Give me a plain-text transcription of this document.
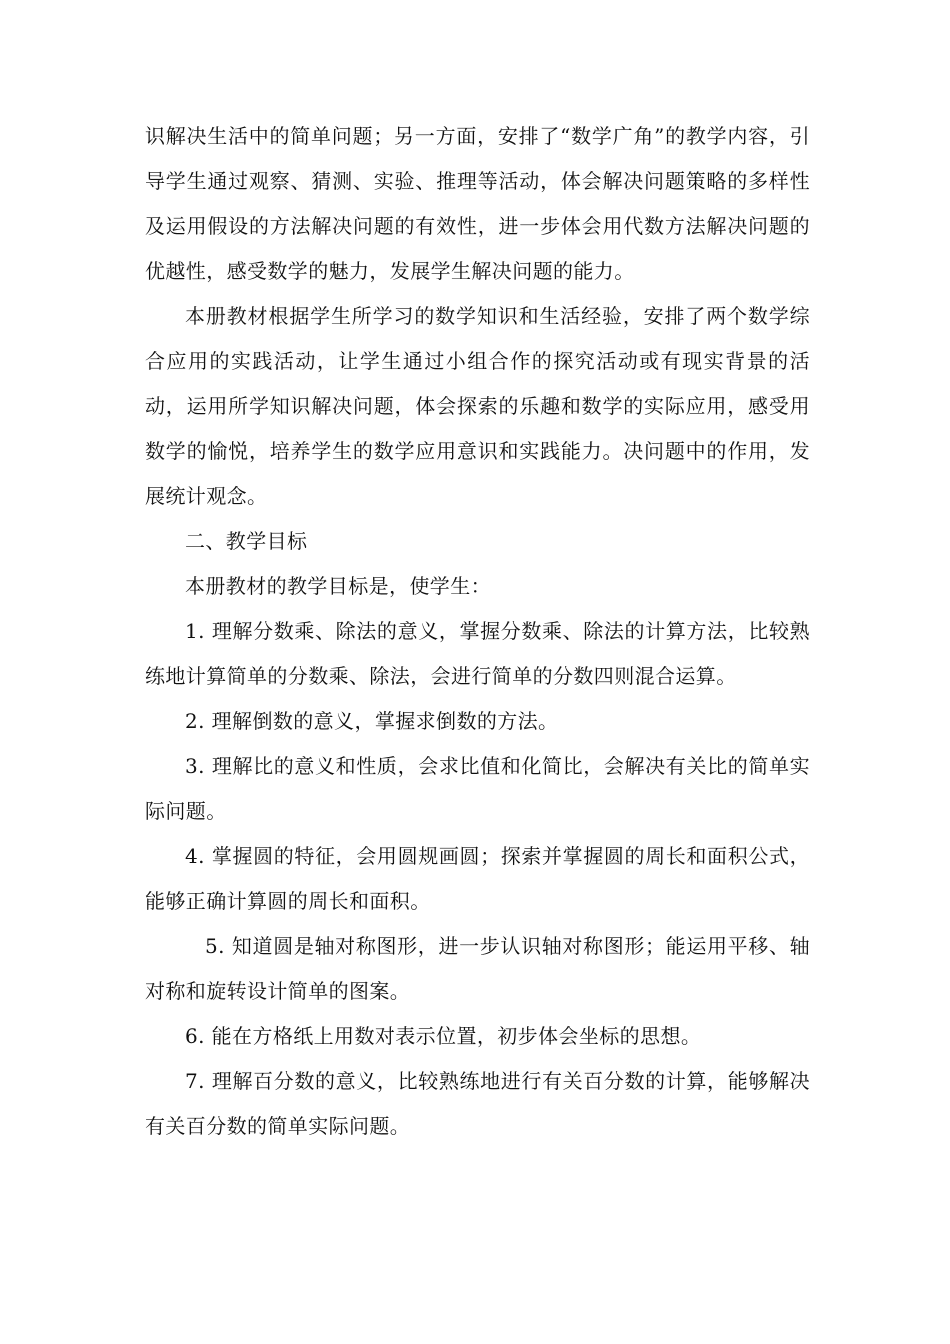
识解决生活中的简单问题；另一方面，安排了“数学广角”的教学内容，引导学生通过观察、猜测、实验、推理等活动，体会解决问题策略的多样性及运用假设的方法解决问题的有效性，进一步体会用代数方法解决问题的优越性，感受数学的魅力，发展学生解决问题的能力。

本册教材根据学生所学习的数学知识和生活经验，安排了两个数学综合应用的实践活动，让学生通过小组合作的探究活动或有现实背景的活动，运用所学知识解决问题，体会探索的乐趣和数学的实际应用，感受用数学的愉悦，培养学生的数学应用意识和实践能力。决问题中的作用，发展统计观念。

二、教学目标

本册教材的教学目标是，使学生：

1. 理解分数乘、除法的意义，掌握分数乘、除法的计算方法，比较熟练地计算简单的分数乘、除法，会进行简单的分数四则混合运算。

2. 理解倒数的意义，掌握求倒数的方法。

3. 理解比的意义和性质，会求比值和化简比，会解决有关比的简单实际问题。

4. 掌握圆的特征，会用圆规画圆；探索并掌握圆的周长和面积公式，能够正确计算圆的周长和面积。

5. 知道圆是轴对称图形，进一步认识轴对称图形；能运用平移、轴对称和旋转设计简单的图案。

6. 能在方格纸上用数对表示位置，初步体会坐标的思想。

7. 理解百分数的意义，比较熟练地进行有关百分数的计算，能够解决有关百分数的简单实际问题。
